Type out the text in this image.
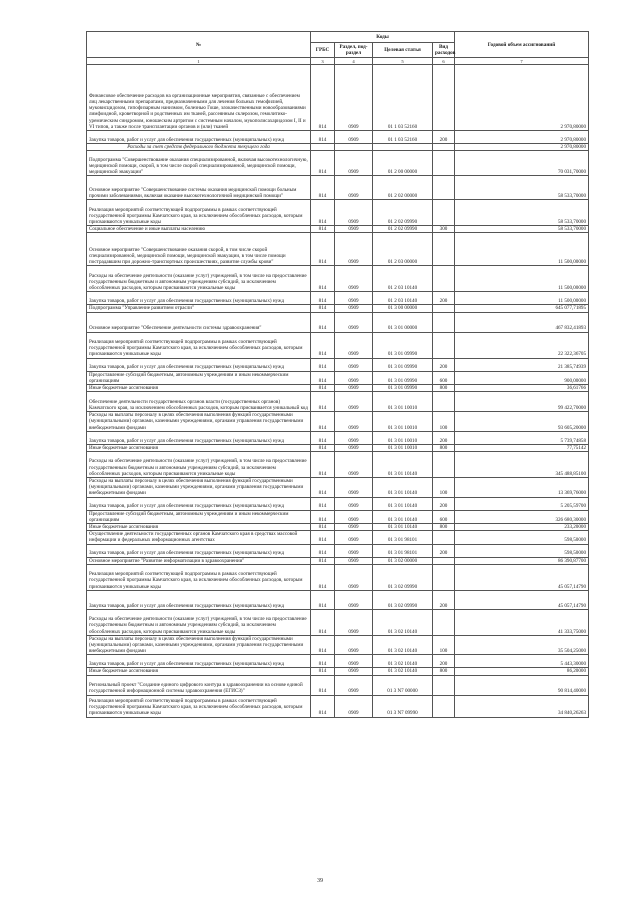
№	Коды				Годовой объем ассигнований
	ГРБС	Раздел, под-раздел	Целевая статья	Вид расходов	
1	3	4	5	6	7
Финансовое обеспечение расходов на организационные мероприятия, связанные с обеспечением лиц лекарственными препаратами, предназначенными для лечения больных гемофилией, муковисцидозом, гипофизарным нанизмом, болезнью Гоше, злокачественными новообразованиями лимфоидной, кроветворной и родственных им тканей, рассеянным склерозом, гемолитико-уремическим синдромом, юношеским артритом с системным началом, мукополисахаридозом I, II и VI типов, а также после трансплантации органов и (или) тканей	814	0909	01 1 03 52160		2 970,80000
Закупка товаров, работ и услуг для обеспечения государственных (муниципальных) нужд	814	0909	01 1 03 52160	200	2 970,80000
Расходы за счет средств федерального бюджета текущего года					2 970,80000
Подпрограмма "Совершенствование оказания специализированной, включая высокотехнологичную, медицинской помощи, скорой, в том числе скорой специализированной, медицинской помощи, медицинской эвакуации"	814	0909	01 2 00 00000		70 031,70000
Основное мероприятие "Совершенствование системы оказания медицинской помощи больным прочими заболеваниями, включая оказание высокотехнологичной медицинской помощи"	814	0909	01 2 02 00000		58 533,70000
Реализация мероприятий соответствующей подпрограммы в рамках соответствующей государственной программы Камчатского края, за исключением обособленных расходов, которым присваиваются уникальные коды	814	0909	01 2 02 09990		58 533,70000
Социальное обеспечение и иные выплаты населению	814	0909	01 2 02 09990	300	58 533,70000
Основное мероприятие "Совершенствование оказания скорой, в том числе скорой специализированной, медицинской помощи, медицинской эвакуации, в том числе помощи пострадавшим при дорожно-транспортных происшествиях, развитие службы крови"	814	0909	01 2 03 00000		11 500,00000
Расходы на обеспечение деятельности (оказание услуг) учреждений, в том числе на предоставление государственным бюджетным и автономным учреждениям субсидий, за исключением обособленных расходов, которым присваиваются уникальные коды	814	0909	01 2 03 10140		11 500,00000
Закупка товаров, работ и услуг для обеспечения государственных (муниципальных) нужд	814	0909	01 2 03 10140	200	11 500,00000
Подпрограмма "Управление развитием отрасли"	814	0909	01 3 00 00000		645 077,71895
Основное мероприятие "Обеспечение деятельности системы здравоохранения"	814	0909	01 3 01 00000		467 832,41893
Реализация мероприятий соответствующей подпрограммы в рамках соответствующей государственной программы Камчатского края, за исключением обособленных расходов, которым присваиваются уникальные коды	814	0909	01 3 01 09990		22 322,36705
Закупка товаров, работ и услуг для обеспечения государственных (муниципальных) нужд	814	0909	01 3 01 09990	200	21 385,74939
Предоставление субсидий бюджетным, автономным учреждениям и иным некоммерческим организациям	814	0909	01 3 01 09990	600	900,00000
Иные бюджетные ассигнования	814	0909	01 3 01 09990	800	36,61766
Обеспечение деятельности государственных органов власти (государственных органов) Камчатского края, за исключением обособленных расходов, которым присваивается уникальный код	814	0909	01 3 01 10010		99 422,70000
Расходы на выплаты персоналу в целях обеспечения выполнения функций государственными (муниципальными) органами, казенными учреждениями, органами управления государственными внебюджетными фондами	814	0909	01 3 01 10010	100	93 605,20000
Закупка товаров, работ и услуг для обеспечения государственных (муниципальных) нужд	814	0909	01 3 01 10010	200	5 739,74858
Иные бюджетные ассигнования	814	0909	01 3 01 10010	800	77,75142
Расходы на обеспечение деятельности (оказание услуг) учреждений, в том числе на предоставление государственным бюджетным и автономным учреждениям субсидий, за исключением обособленных расходов, которым присваиваются уникальные коды	814	0909	01 3 01 10140		345 488,85100
Расходы на выплаты персоналу в целях обеспечения выполнения функций государственными (муниципальными) органами, казенными учреждениями, органами управления государственными внебюджетными фондами	814	0909	01 3 01 10140	100	13 369,76000
Закупка товаров, работ и услуг для обеспечения государственных (муниципальных) нужд	814	0909	01 3 01 10140	200	5 205,59700
Предоставление субсидий бюджетным, автономным учреждениям и иным некоммерческим организациям	814	0909	01 3 01 10140	600	326 680,30000
Иные бюджетные ассигнования	814	0909	01 3 01 10140	800	233,20000
Осуществление деятельности государственных органов Камчатского края в средствах массовой информации и федеральных информационных агентствах	814	0909	01 3 01 98101		598,50000
Закупка товаров, работ и услуг для обеспечения государственных (муниципальных) нужд	814	0909	01 3 01 98101	200	598,50000
Основное мероприятие "Развитие информатизации в здравоохранении"	814	0909	01 3 02 00000		86 390,87700
Реализация мероприятий соответствующей подпрограммы в рамках соответствующей государственной программы Камчатского края, за исключением обособленных расходов, которым присваиваются уникальные коды	814	0909	01 3 02 09990		45 057,14790
Закупка товаров, работ и услуг для обеспечения государственных (муниципальных) нужд	814	0909	01 3 02 09990	200	45 057,14790
Расходы на обеспечение деятельности (оказание услуг) учреждений, в том числе на предоставление государственным бюджетным и автономным учреждениям субсидий, за исключением обособленных расходов, которым присваиваются уникальные коды	814	0909	01 3 02 10140		41 333,75000
Расходы на выплаты персоналу в целях обеспечения выполнения функций государственными (муниципальными) органами, казенными учреждениями, органами управления государственными внебюджетными фондами	814	0909	01 3 02 10140	100	35 504,25000
Закупка товаров, работ и услуг для обеспечения государственных (муниципальных) нужд	814	0909	01 3 02 10140	200	5 443,30000
Иные бюджетные ассигнования	814	0909	01 3 02 10140	800	86,20000
Региональный проект "Создание единого цифрового контура в здравоохранении на основе единой государственной информационной системы здравоохранения (ЕГИСЗ)"	814	0909	01 3 N7 00000		90 814,40000
Реализация мероприятий соответствующей подпрограммы в рамках соответствующей государственной программы Камчатского края, за исключением обособленных расходов, которым присваиваются уникальные коды	814	0909	01 3 N7 09990		34 840,26263
39
